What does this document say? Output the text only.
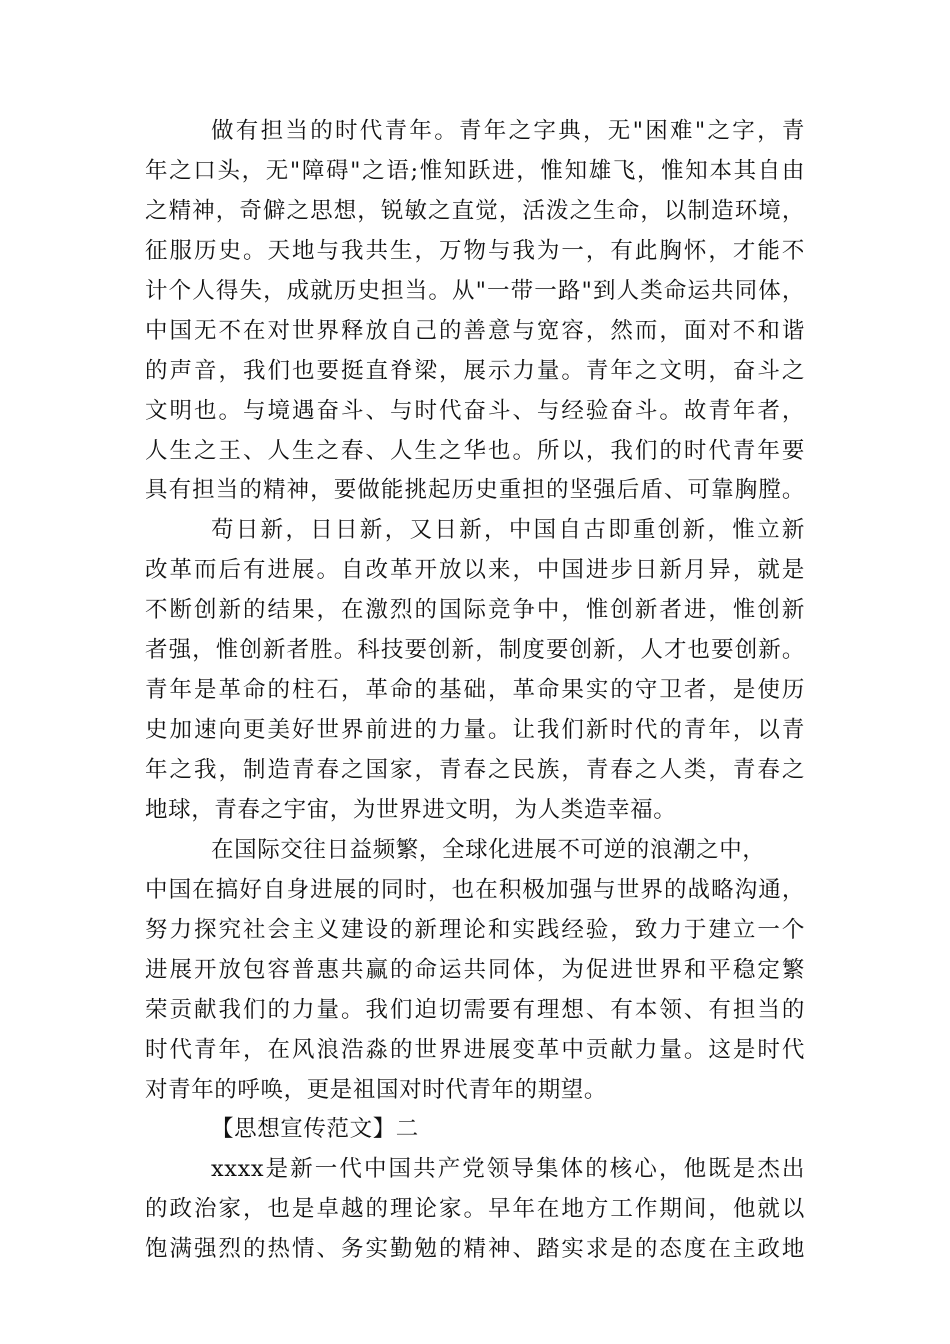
做有担当的时代青年。青年之字典，无"困难"之字，青
年之口头，无"障碍"之语;惟知跃进，惟知雄飞，惟知本其自由
之精神，奇僻之思想，锐敏之直觉，活泼之生命，以制造环境，
征服历史。天地与我共生，万物与我为一，有此胸怀，才能不
计个人得失，成就历史担当。从"一带一路"到人类命运共同体，
中国无不在对世界释放自己的善意与宽容，然而，面对不和谐
的声音，我们也要挺直脊梁，展示力量。青年之文明，奋斗之
文明也。与境遇奋斗、与时代奋斗、与经验奋斗。故青年者，
人生之王、人生之春、人生之华也。所以，我们的时代青年要
具有担当的精神，要做能挑起历史重担的坚强后盾、可靠胸膛。
苟日新，日日新，又日新，中国自古即重创新，惟立新
改革而后有进展。自改革开放以来，中国进步日新月异，就是
不断创新的结果，在激烈的国际竞争中，惟创新者进，惟创新
者强，惟创新者胜。科技要创新，制度要创新，人才也要创新。
青年是革命的柱石，革命的基础，革命果实的守卫者，是使历
史加速向更美好世界前进的力量。让我们新时代的青年，以青
年之我，制造青春之国家，青春之民族，青春之人类，青春之
地球，青春之宇宙，为世界进文明，为人类造幸福。
在国际交往日益频繁，全球化进展不可逆的浪潮之中，
中国在搞好自身进展的同时，也在积极加强与世界的战略沟通，
努力探究社会主义建设的新理论和实践经验，致力于建立一个
进展开放包容普惠共赢的命运共同体，为促进世界和平稳定繁
荣贡献我们的力量。我们迫切需要有理想、有本领、有担当的
时代青年，在风浪浩淼的世界进展变革中贡献力量。这是时代
对青年的呼唤，更是祖国对时代青年的期望。
【思想宣传范文】二
xxxx是新一代中国共产党领导集体的核心，他既是杰出
的政治家，也是卓越的理论家。早年在地方工作期间，他就以
饱满强烈的热情、务实勤勉的精神、踏实求是的态度在主政地
